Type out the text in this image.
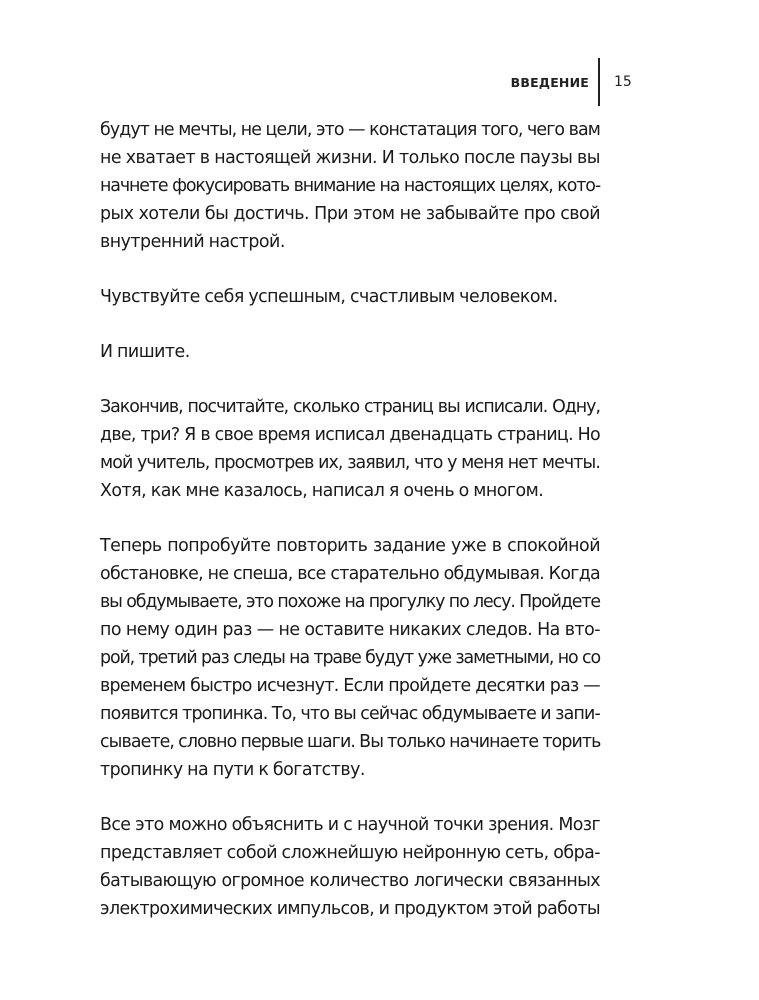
ВВЕДЕНИЕ 15

будут не мечты, не цели, это — констатация того, чего вам
не хватает в настоящей жизни. И только после паузы вы
начнете фокусировать внимание на настоящих целях, кото-
рых хотели бы достичь. При этом не забывайте про свой
внутренний настрой.

Чувствуйте себя успешным, счастливым человеком.

И пишите.

Закончив, посчитайте, сколько страниц вы исписали. Одну,
две, три? Я в свое время исписал двенадцать страниц. Но
мой учитель, просмотрев их, заявил, что у меня нет мечты.
Хотя, как мне казалось, написал я очень о многом.

Теперь попробуйте повторить задание уже в спокойной
обстановке, не спеша, все старательно обдумывая. Когда
вы обдумываете, это похоже на прогулку по лесу. Пройдете
по нему один раз — не оставите никаких следов. На вто-
рой, третий раз следы на траве будут уже заметными, но со
временем быстро исчезнут. Если пройдете десятки раз —
появится тропинка. То, что вы сейчас обдумываете и запи-
сываете, словно первые шаги. Вы только начинаете торить
тропинку на пути к богатству.

Все это можно объяснить и с научной точки зрения. Мозг
представляет собой сложнейшую нейронную сеть, обра-
батывающую огромное количество логически связанных
электрохимических импульсов, и продуктом этой работы
